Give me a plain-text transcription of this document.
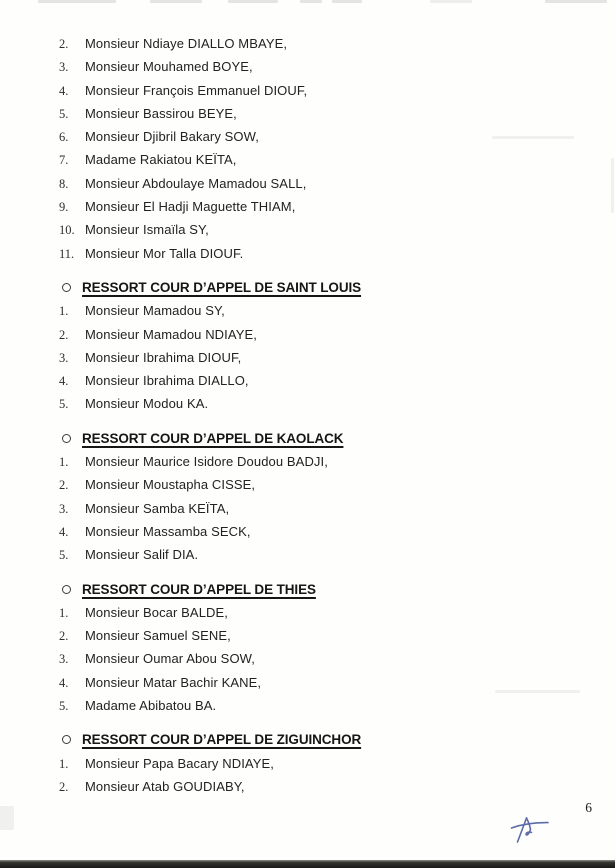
2.	Monsieur Ndiaye DIALLO MBAYE,
3.	Monsieur Mouhamed BOYE,
4.	Monsieur François Emmanuel DIOUF,
5.	Monsieur Bassirou BEYE,
6.	Monsieur Djibril Bakary SOW,
7.	Madame Rakiatou KEÏTA,
8.	Monsieur Abdoulaye Mamadou SALL,
9.	Monsieur El Hadji Maguette THIAM,
10. Monsieur Ismaïla SY,
11. Monsieur Mor Talla DIOUF.
RESSORT COUR D’APPEL DE SAINT LOUIS
1.	Monsieur Mamadou SY,
2.	Monsieur Mamadou NDIAYE,
3.	Monsieur Ibrahima DIOUF,
4.	Monsieur Ibrahima DIALLO,
5.	Monsieur Modou KA.
RESSORT COUR D’APPEL DE KAOLACK
1.	Monsieur Maurice Isidore Doudou BADJI,
2.	Monsieur Moustapha CISSE,
3.	Monsieur Samba KEÏTA,
4.	Monsieur Massamba SECK,
5.	Monsieur Salif DIA.
RESSORT COUR D’APPEL DE THIES
1.	Monsieur Bocar BALDE,
2.	Monsieur Samuel SENE,
3.	Monsieur Oumar Abou SOW,
4.	Monsieur Matar Bachir KANE,
5.	Madame Abibatou BA.
RESSORT COUR D’APPEL DE ZIGUINCHOR
1.	Monsieur Papa Bacary NDIAYE,
2.	Monsieur Atab GOUDIABY,
6
